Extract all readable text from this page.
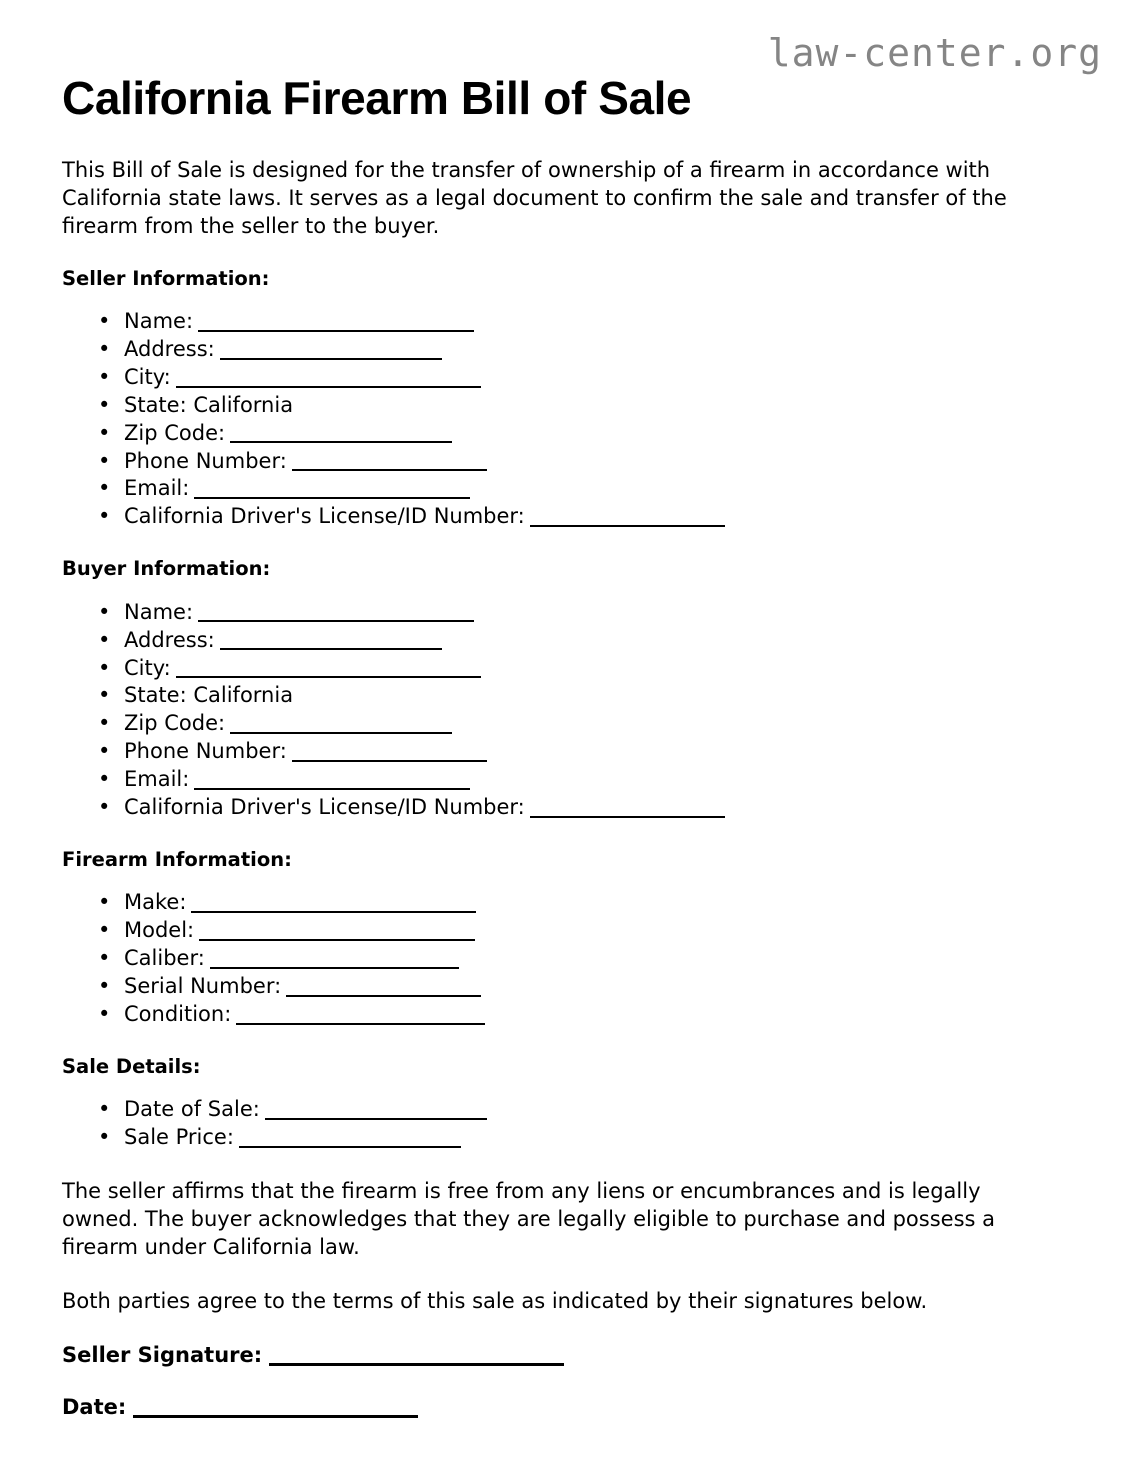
law-center.org
California Firearm Bill of Sale

This Bill of Sale is designed for the transfer of ownership of a firearm in accordance with California state laws. It serves as a legal document to confirm the sale and transfer of the firearm from the seller to the buyer.

Seller Information:
• Name:
• Address:
• City:
• State: California
• Zip Code:
• Phone Number:
• Email:
• California Driver's License/ID Number:
Buyer Information:
• Name:
• Address:
• City:
• State: California
• Zip Code:
• Phone Number:
• Email:
• California Driver's License/ID Number:
Firearm Information:
• Make:
• Model:
• Caliber:
• Serial Number:
• Condition:
Sale Details:
• Date of Sale:
• Sale Price:

The seller affirms that the firearm is free from any liens or encumbrances and is legally owned. The buyer acknowledges that they are legally eligible to purchase and possess a firearm under California law.

Both parties agree to the terms of this sale as indicated by their signatures below.

Seller Signature:
Date:
